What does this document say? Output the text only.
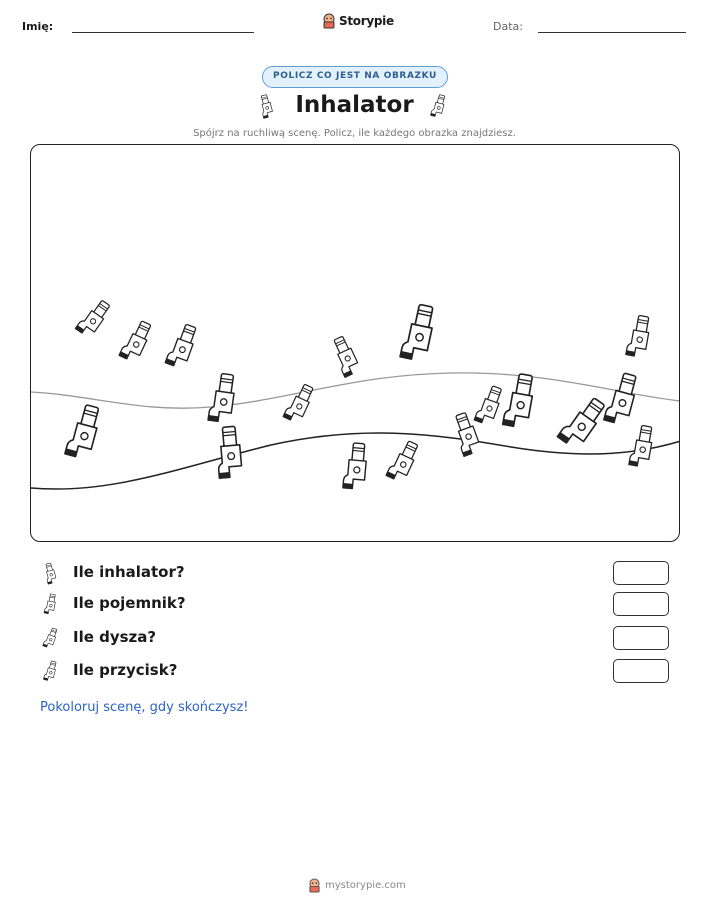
Imię:	Storypie	Data:
POLICZ CO JEST NA OBRAZKU
Inhalator
Spójrz na ruchliwą scenę. Policz, ile każdego obrazka znajdziesz.
Ile inhalator?
Ile pojemnik?
Ile dysza?
Ile przycisk?
Pokoloruj scenę, gdy skończysz!
mystorypie.com
